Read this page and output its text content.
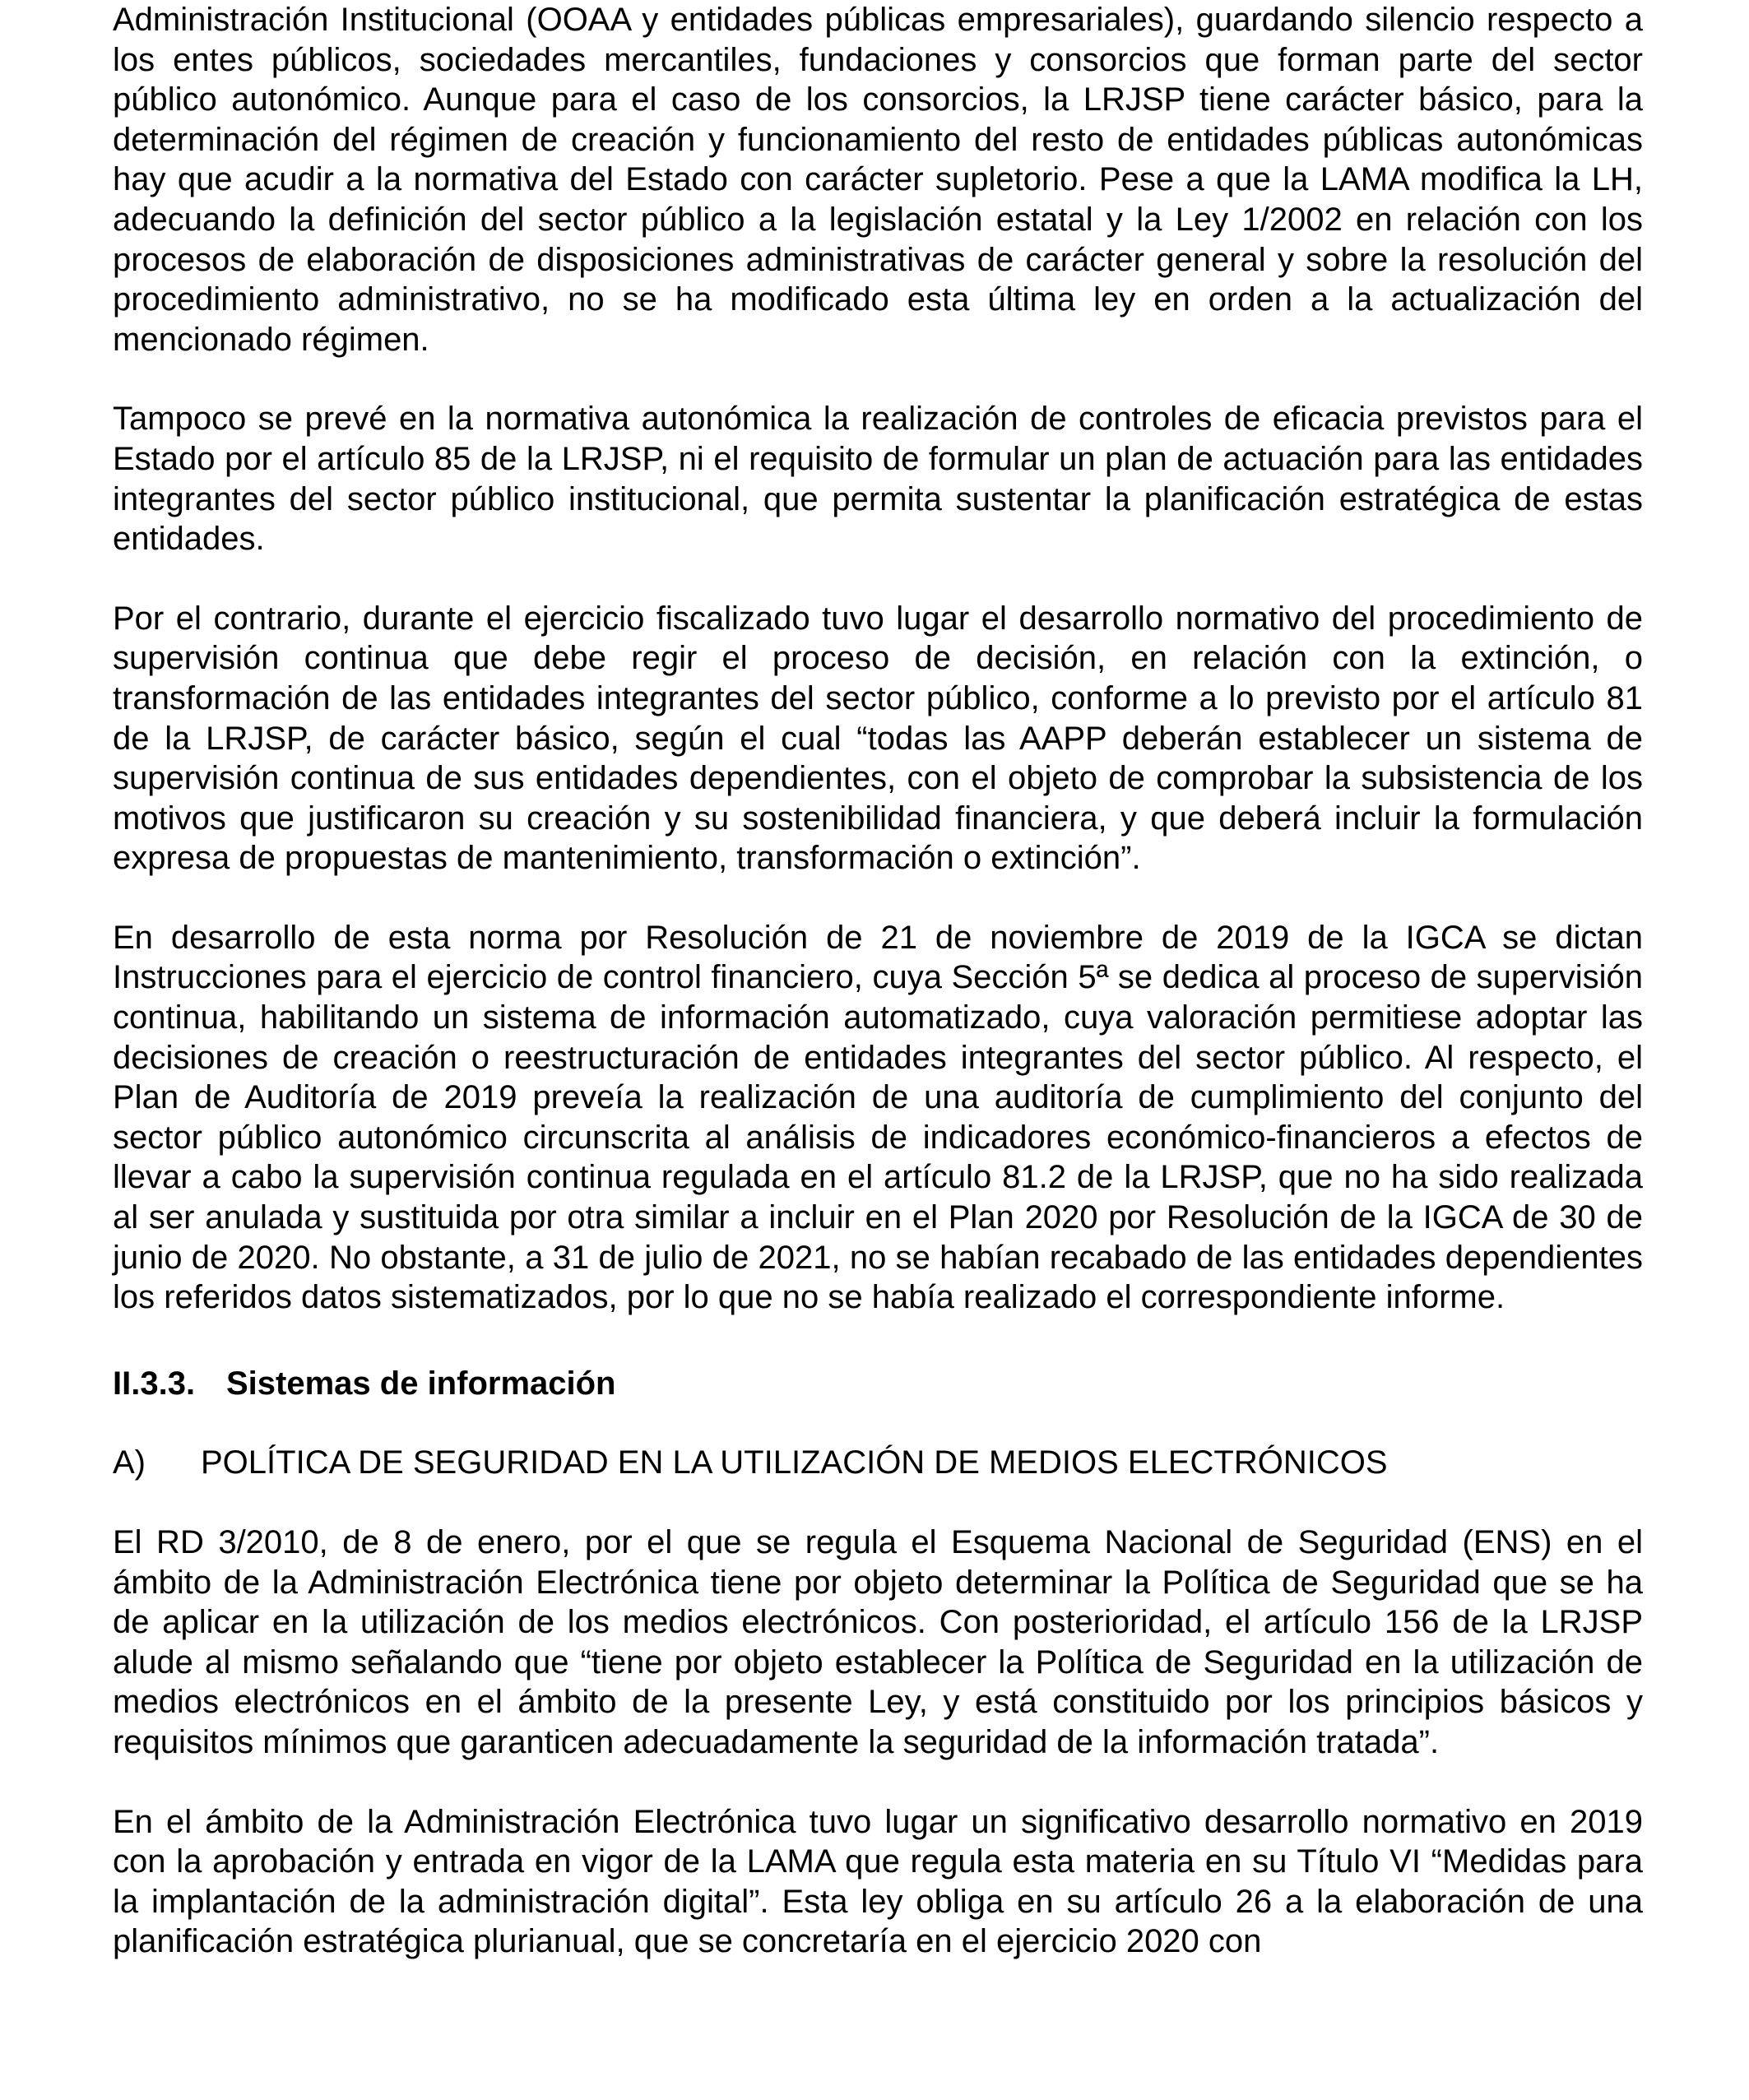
Administración Institucional (OOAA y entidades públicas empresariales), guardando silencio respecto a los entes públicos, sociedades mercantiles, fundaciones y consorcios que forman parte del sector público autonómico. Aunque para el caso de los consorcios, la LRJSP tiene carácter básico, para la determinación del régimen de creación y funcionamiento del resto de entidades públicas autonómicas hay que acudir a la normativa del Estado con carácter supletorio. Pese a que la LAMA modifica la LH, adecuando la definición del sector público a la legislación estatal y la Ley 1/2002 en relación con los procesos de elaboración de disposiciones administrativas de carácter general y sobre la resolución del procedimiento administrativo, no se ha modificado esta última ley en orden a la actualización del mencionado régimen.

Tampoco se prevé en la normativa autonómica la realización de controles de eficacia previstos para el Estado por el artículo 85 de la LRJSP, ni el requisito de formular un plan de actuación para las entidades integrantes del sector público institucional, que permita sustentar la planificación estratégica de estas entidades.

Por el contrario, durante el ejercicio fiscalizado tuvo lugar el desarrollo normativo del procedimiento de supervisión continua que debe regir el proceso de decisión, en relación con la extinción, o transformación de las entidades integrantes del sector público, conforme a lo previsto por el artículo 81 de la LRJSP, de carácter básico, según el cual “todas las AAPP deberán establecer un sistema de supervisión continua de sus entidades dependientes, con el objeto de comprobar la subsistencia de los motivos que justificaron su creación y su sostenibilidad financiera, y que deberá incluir la formulación expresa de propuestas de mantenimiento, transformación o extinción”.

En desarrollo de esta norma por Resolución de 21 de noviembre de 2019 de la IGCA se dictan Instrucciones para el ejercicio de control financiero, cuya Sección 5ª se dedica al proceso de supervisión continua, habilitando un sistema de información automatizado, cuya valoración permitiese adoptar las decisiones de creación o reestructuración de entidades integrantes del sector público. Al respecto, el Plan de Auditoría de 2019 preveía la realización de una auditoría de cumplimiento del conjunto del sector público autonómico circunscrita al análisis de indicadores económico-financieros a efectos de llevar a cabo la supervisión continua regulada en el artículo 81.2 de la LRJSP, que no ha sido realizada al ser anulada y sustituida por otra similar a incluir en el Plan 2020 por Resolución de la IGCA de 30 de junio de 2020. No obstante, a 31 de julio de 2021, no se habían recabado de las entidades dependientes los referidos datos sistematizados, por lo que no se había realizado el correspondiente informe.

II.3.3. Sistemas de información

A) POLÍTICA DE SEGURIDAD EN LA UTILIZACIÓN DE MEDIOS ELECTRÓNICOS

El RD 3/2010, de 8 de enero, por el que se regula el Esquema Nacional de Seguridad (ENS) en el ámbito de la Administración Electrónica tiene por objeto determinar la Política de Seguridad que se ha de aplicar en la utilización de los medios electrónicos. Con posterioridad, el artículo 156 de la LRJSP alude al mismo señalando que “tiene por objeto establecer la Política de Seguridad en la utilización de medios electrónicos en el ámbito de la presente Ley, y está constituido por los principios básicos y requisitos mínimos que garanticen adecuadamente la seguridad de la información tratada”.

En el ámbito de la Administración Electrónica tuvo lugar un significativo desarrollo normativo en 2019 con la aprobación y entrada en vigor de la LAMA que regula esta materia en su Título VI “Medidas para la implantación de la administración digital”. Esta ley obliga en su artículo 26 a la elaboración de una planificación estratégica plurianual, que se concretaría en el ejercicio 2020 con
